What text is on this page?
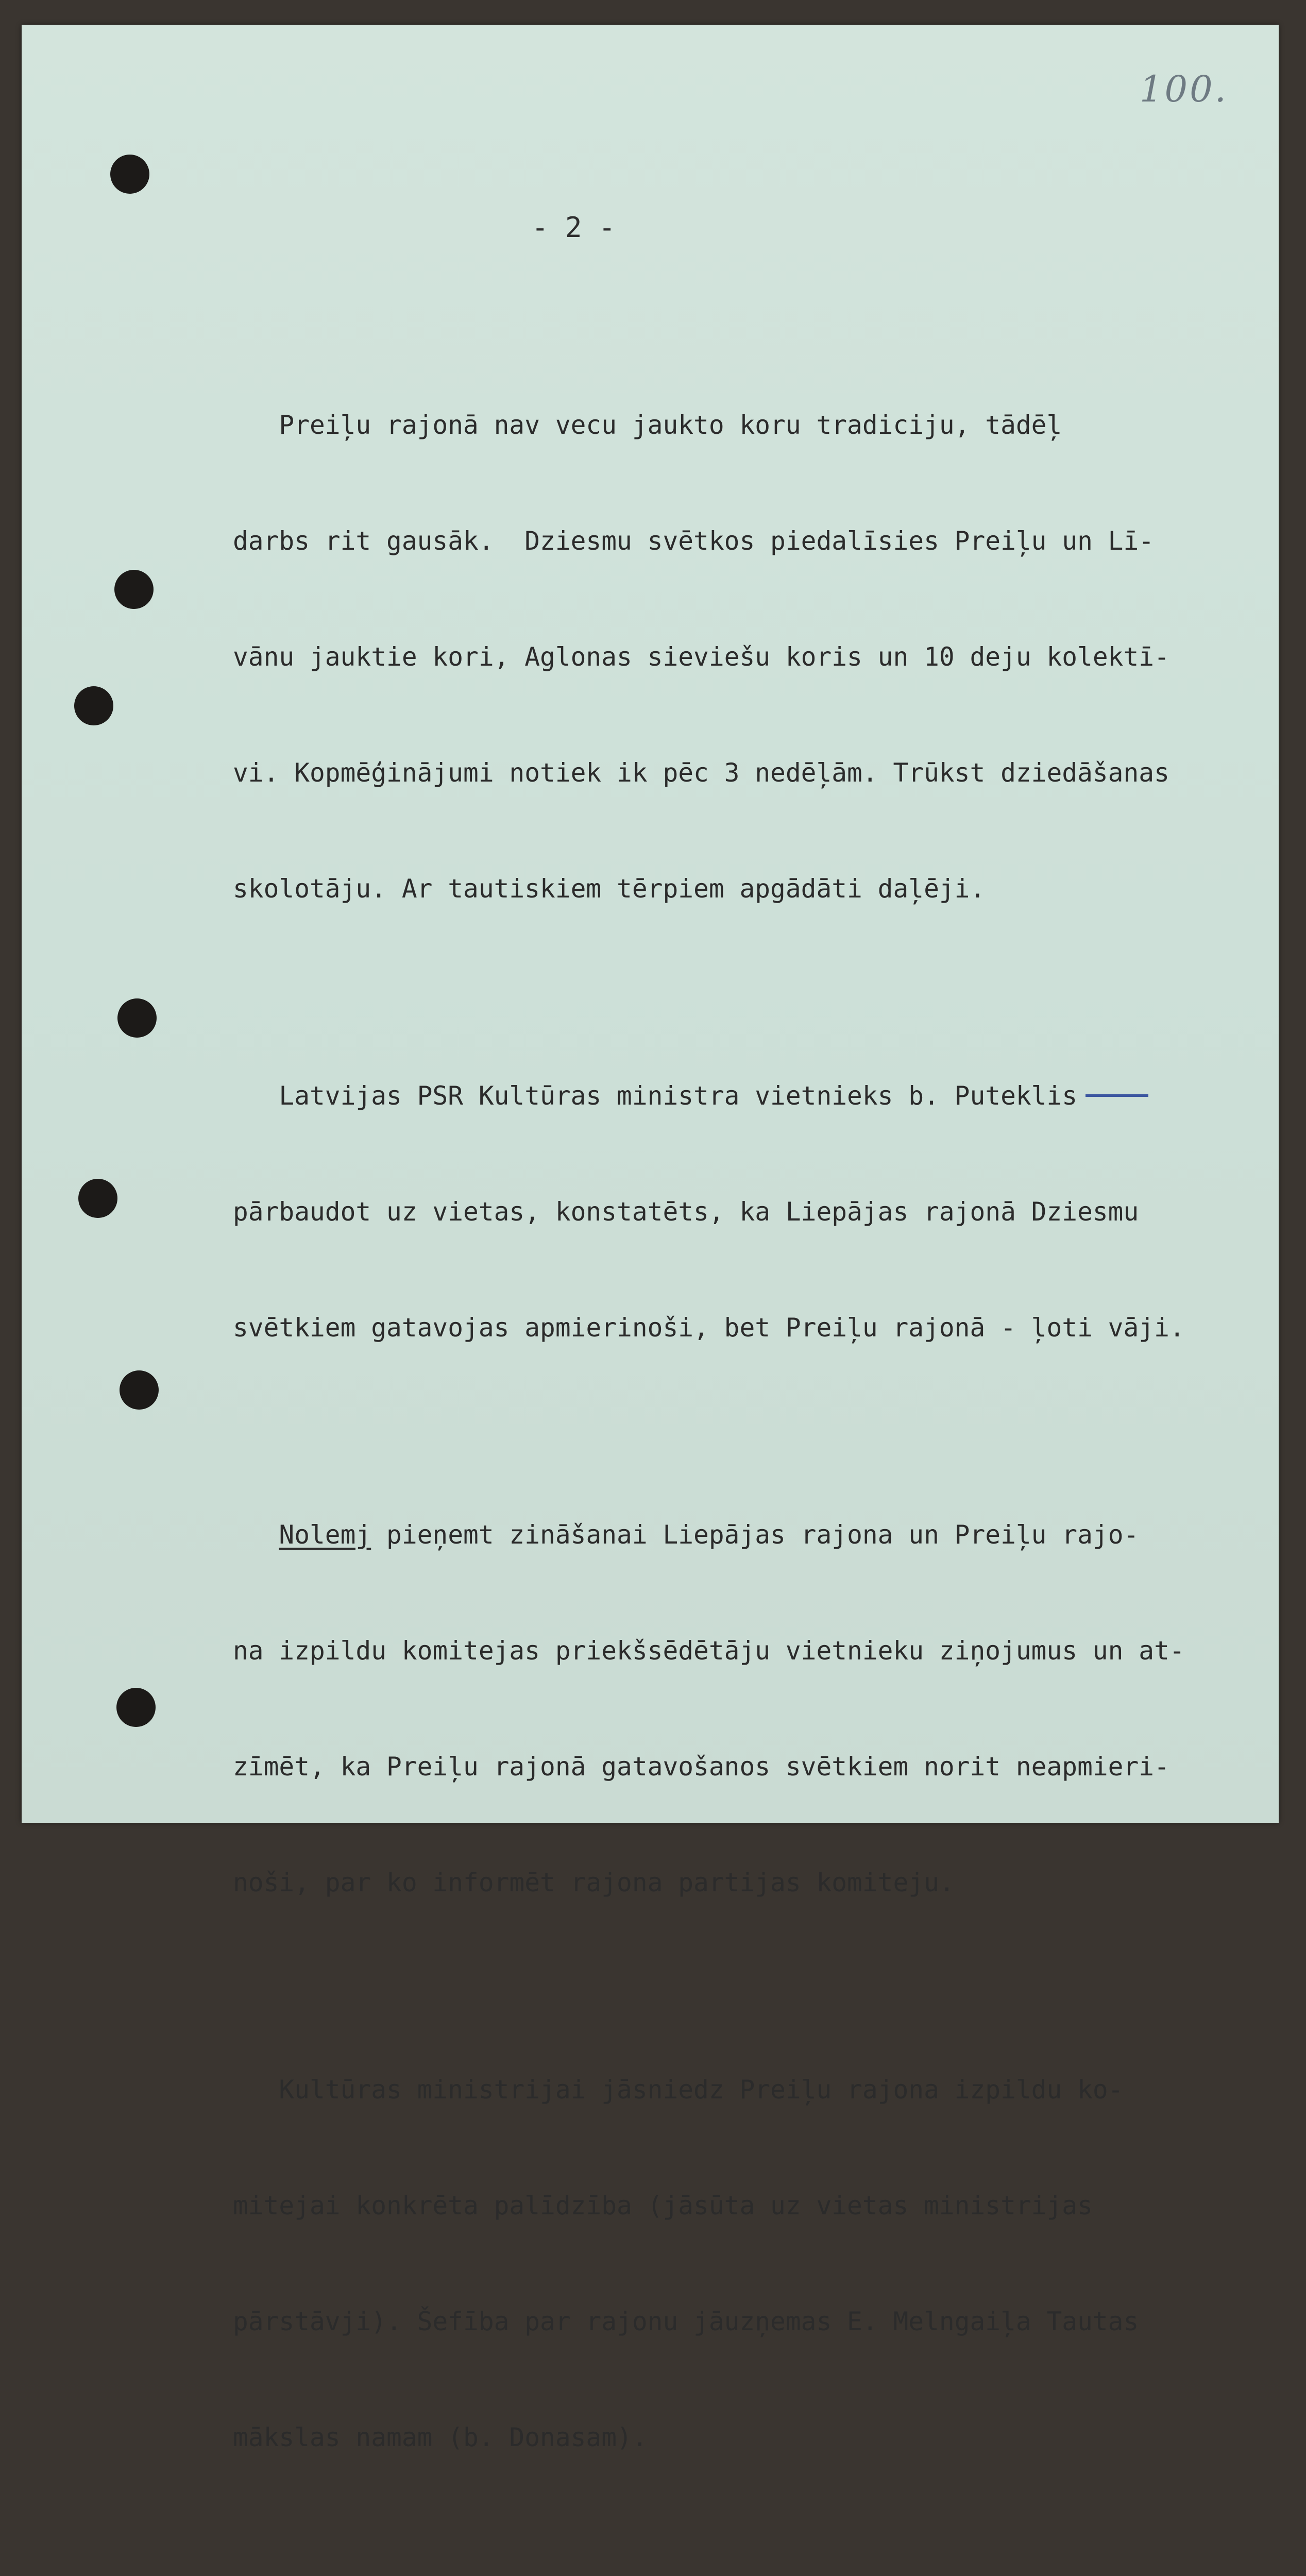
100.
- 2 -

Preiļu rajonā nav vecu jaukto koru tradiciju, tādēļ

darbs rit gausāk.  Dziesmu svētkos piedalīsies Preiļu un Lī-

vānu jauktie kori, Aglonas sieviešu koris un 10 deju kolektī-

vi. Kopmēģinājumi notiek ik pēc 3 nedēļām. Trūkst dziedāšanas

skolotāju. Ar tautiskiem tērpiem apgādāti daļēji.

Latvijas PSR Kultūras ministra vietnieks b. Puteklis

pārbaudot uz vietas, konstatēts, ka Liepājas rajonā Dziesmu

svētkiem gatavojas apmierinoši, bet Preiļu rajonā - ļoti vāji.

Nolemj pieņemt zināšanai Liepājas rajona un Preiļu rajo-

na izpildu komitejas priekšsēdētāju vietnieku ziņojumus un at-

zīmēt, ka Preiļu rajonā gatavošanos svētkiem norit neapmieri-

noši, par ko informēt rajona partijas komiteju.

Kultūras ministrijai jāsniedz Preiļu rajona izpildu ko-

mitejai konkrēta palīdzība (jāsūta uz vietas ministrijas

pārstāvji). Šefība par rajonu jāuzņemas E. Melngaiļa Tautas

mākslas namam (b. Donasam).
